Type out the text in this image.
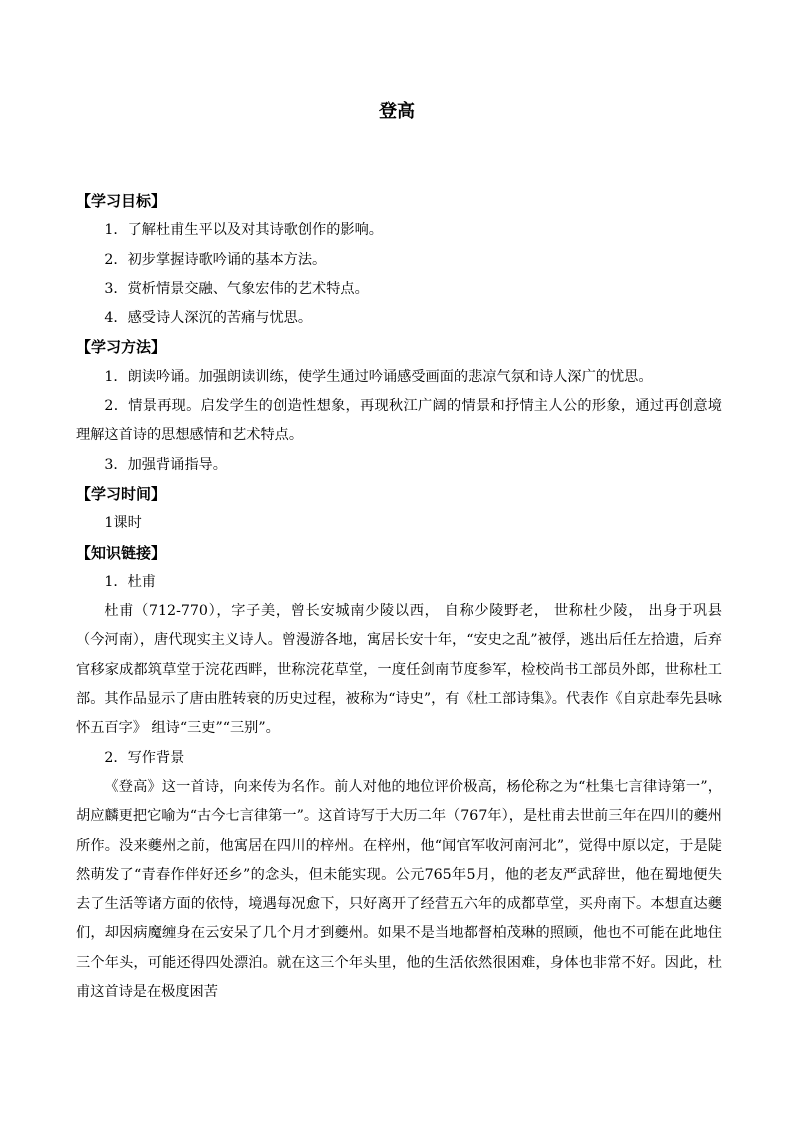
登高
【学习目标】

1．了解杜甫生平以及对其诗歌创作的影响。

2．初步掌握诗歌吟诵的基本方法。

3．赏析情景交融、气象宏伟的艺术特点。

4．感受诗人深沉的苦痛与忧思。

【学习方法】

1．朗读吟诵。加强朗读训练，使学生通过吟诵感受画面的悲凉气氛和诗人深广的忧思。

2．情景再现。启发学生的创造性想象，再现秋江广阔的情景和抒情主人公的形象，通过再创意境理解这首诗的思想感情和艺术特点。

3．加强背诵指导。

【学习时间】

1课时

【知识链接】

1．杜甫

杜甫（712-770），字子美，曾长安城南少陵以西， 自称少陵野老， 世称杜少陵， 出身于巩县（今河南），唐代现实主义诗人。曾漫游各地，寓居长安十年，“安史之乱”被俘，逃出后任左拾遗，后弃官移家成都筑草堂于浣花西畔，世称浣花草堂，一度任剑南节度参军，检校尚书工部员外郎，世称杜工部。其作品显示了唐由胜转衰的历史过程，被称为“诗史”，有《杜工部诗集》。代表作《自京赴奉先县咏怀五百字》 组诗“三吏”“三别”。

2．写作背景

《登高》这一首诗，向来传为名作。前人对他的地位评价极高，杨伦称之为“杜集七言律诗第一”，胡应麟更把它喻为“古今七言律第一”。这首诗写于大历二年（767年），是杜甫去世前三年在四川的夔州所作。没来夔州之前，他寓居在四川的梓州。在梓州，他“闻官军收河南河北”，觉得中原以定，于是陡然萌发了“青春作伴好还乡”的念头，但未能实现。公元765年5月，他的老友严武辞世，他在蜀地便失去了生活等诸方面的依恃，境遇每况愈下，只好离开了经营五六年的成都草堂，买舟南下。本想直达夔们，却因病魔缠身在云安呆了几个月才到夔州。如果不是当地都督柏茂琳的照顾，他也不可能在此地住三个年头，可能还得四处漂泊。就在这三个年头里，他的生活依然很困难，身体也非常不好。因此，杜甫这首诗是在极度困苦
